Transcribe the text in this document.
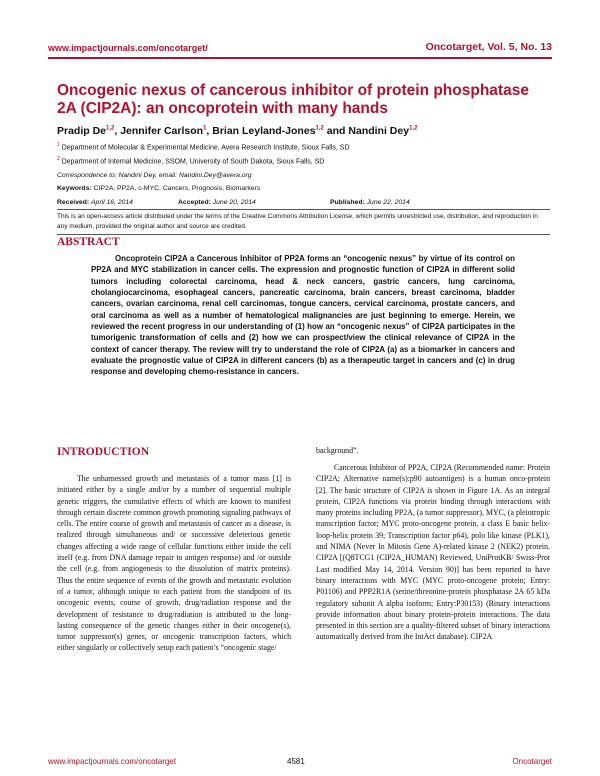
www.impactjournals.com/oncotarget/	Oncotarget, Vol. 5, No. 13
Oncogenic nexus of cancerous inhibitor of protein phosphatase 2A (CIP2A): an oncoprotein with many hands
Pradip De$^{1,2}$, Jennifer Carlson$^1$, Brian Leyland-Jones$^{1,2}$ and Nandini Dey$^{1,2}$
$^1$ Department of Molecular & Experimental Medicine, Avera Research Institute, Sioux Falls, SD
$^2$ Department of Internal Medicine, SSOM, University of South Dakota, Sioux Falls, SD
Correspondence to: Nandini Dey, email: Nandini.Dey@avera.org
Keywords: CIP2A, PP2A, c-MYC, Cancers, Prognosis, Biomarkers
Received: April 16, 2014	Accepted: June 20, 2014	Published: June 22, 2014

This is an open-access article distributed under the terms of the Creative Commons Attribution License, which permits unrestricted use, distribution, and reproduction in any medium, provided the original author and source are credited.

ABSTRACT

Oncoprotein CIP2A a Cancerous Inhibitor of PP2A forms an “oncogenic nexus” by virtue of its control on PP2A and MYC stabilization in cancer cells. The expression and prognostic function of CIP2A in different solid tumors including colorectal carcinoma, head & neck cancers, gastric cancers, lung carcinoma, cholangiocarcinoma, esophageal cancers, pancreatic carcinoma, brain cancers, breast carcinoma, bladder cancers, ovarian carcinoma, renal cell carcinomas, tongue cancers, cervical carcinoma, prostate cancers, and oral carcinoma as well as a number of hematological malignancies are just beginning to emerge. Herein, we reviewed the recent progress in our understanding of (1) how an “oncogenic nexus” of CIP2A participates in the tumorigenic transformation of cells and (2) how we can prospect/view the clinical relevance of CIP2A in the context of cancer therapy. The review will try to understand the role of CIP2A (a) as a biomarker in cancers and evaluate the prognostic value of CIP2A in different cancers (b) as a therapeutic target in cancers and (c) in drug response and developing chemo-resistance in cancers.

INTRODUCTION

The unharnessed growth and metastasis of a tumor mass [1] is initiated either by a single and/or by a number of sequential multiple genetic triggers, the cumulative effects of which are known to manifest through certain discrete common growth promoting signaling pathways of cells. The entire course of growth and metastasis of cancer as a disease, is realized through simultaneous and/ or successive deleterious genetic changes affecting a wide range of cellular functions either inside the cell itself (e.g. from DNA damage repair to antigen response) and /or outside the cell (e.g. from angiogenesis to the dissolution of matrix proteins). Thus the entire sequence of events of the growth and metastatic evolution of a tumor, although unique to each patient from the standpoint of its oncogenic events, course of growth, drug/radiation response and the development of resistance to drug/radiation is attributed to the long-lasting consequence of the genetic changes either in their oncogene(s), tumor suppressor(s) genes, or oncogenic transcription factors, which either singularly or collectively setup each patient’s “oncogenic stage/

background”.

Cancerous Inhibitor of PP2A, CIP2A (Recommended name: Protein CIP2A; Alternative name(s):p90 autoantigen) is a human onco-protein [2]. The basic structure of CIP2A is shown in Figure 1A. As an integral protein, CIP2A functions via protein binding through interactions with many proteins including PP2A, (a tumor suppressor), MYC, (a pleiotropic transcription factor; MYC proto-oncogene protein, a class E basic helix-loop-helix protein 39; Transcription factor p64), polo like kinase (PLK1), and NIMA (Never In Mitosis Gene A)-related kinase 2 (NEK2) protein. CIP2A [(Q8TCG1 (CIP2A_HUMAN) Reviewed, UniProtKB/ Swiss-Prot Last modified May 14, 2014. Version 90)] has been reported to have binary interactions with MYC (MYC proto-oncogene protein; Entry: P01106) and PPP2R1A (serine/threonine-protein phosphatase 2A 65 kDa regulatory subunit A alpha isoform; Entry:P30153) (Binary interactions provide information about binary protein-protein interactions. The data presented in this section are a quality-filtered subset of binary interactions automatically derived from the IntAct database). CIP2A

www.impactjournals.com/oncotarget	4581	Oncotarget
